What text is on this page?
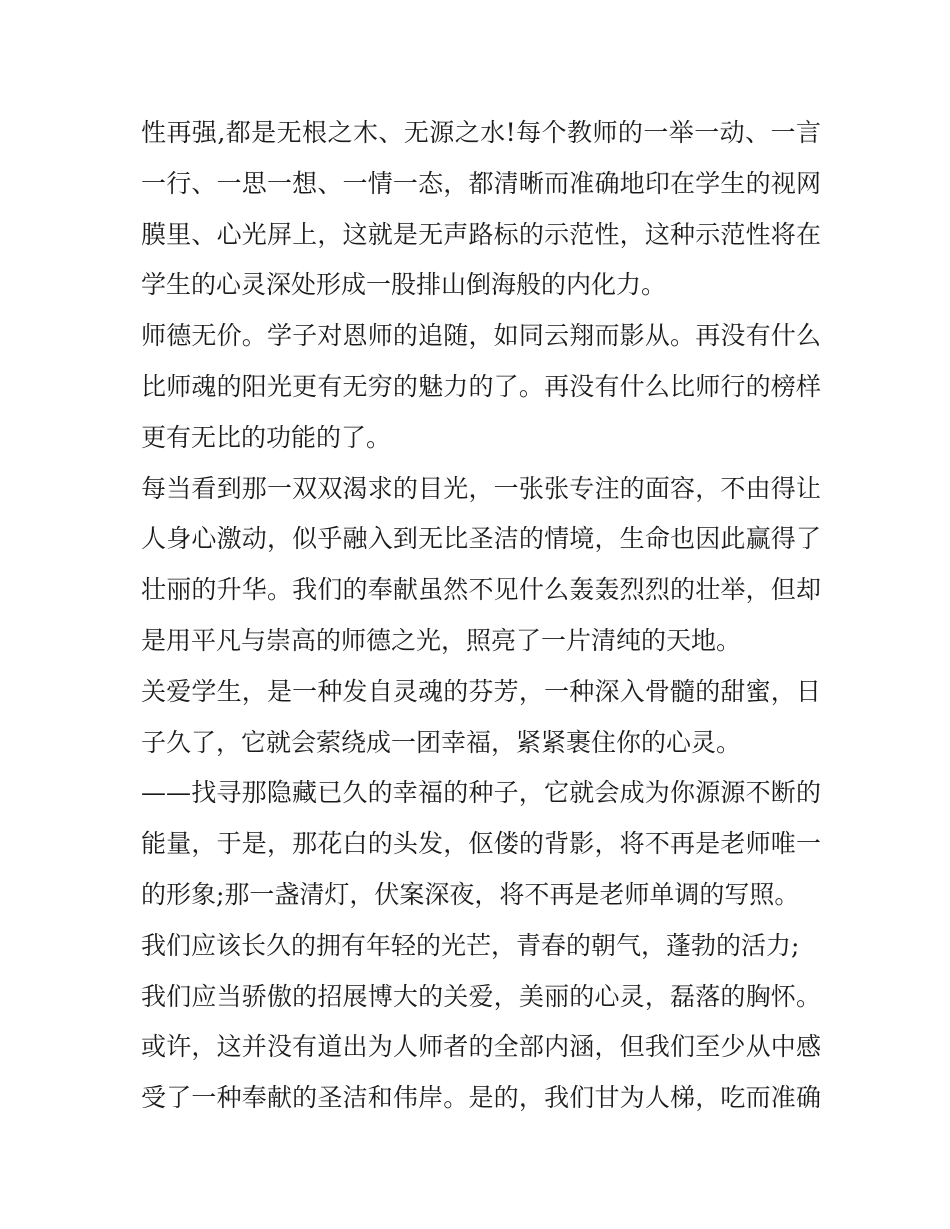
性再强,都是无根之木、无源之水!每个教师的一举一动、一言
一行、一思一想、一情一态，都清晰而准确地印在学生的视网
膜里、心光屏上，这就是无声路标的示范性，这种示范性将在
学生的心灵深处形成一股排山倒海般的内化力。
师德无价。学子对恩师的追随，如同云翔而影从。再没有什么
比师魂的阳光更有无穷的魅力的了。再没有什么比师行的榜样
更有无比的功能的了。
每当看到那一双双渴求的目光，一张张专注的面容，不由得让
人身心激动，似乎融入到无比圣洁的情境，生命也因此赢得了
壮丽的升华。我们的奉献虽然不见什么轰轰烈烈的壮举，但却
是用平凡与崇高的师德之光，照亮了一片清纯的天地。
关爱学生，是一种发自灵魂的芬芳，一种深入骨髓的甜蜜，日
子久了，它就会萦绕成一团幸福，紧紧裹住你的心灵。
——找寻那隐藏已久的幸福的种子，它就会成为你源源不断的
能量，于是，那花白的头发，伛偻的背影，将不再是老师唯一
的形象;那一盏清灯，伏案深夜，将不再是老师单调的写照。
我们应该长久的拥有年轻的光芒，青春的朝气，蓬勃的活力;
我们应当骄傲的招展博大的关爱，美丽的心灵，磊落的胸怀。
或许，这并没有道出为人师者的全部内涵，但我们至少从中感
受了一种奉献的圣洁和伟岸。是的，我们甘为人梯，吃而准确
